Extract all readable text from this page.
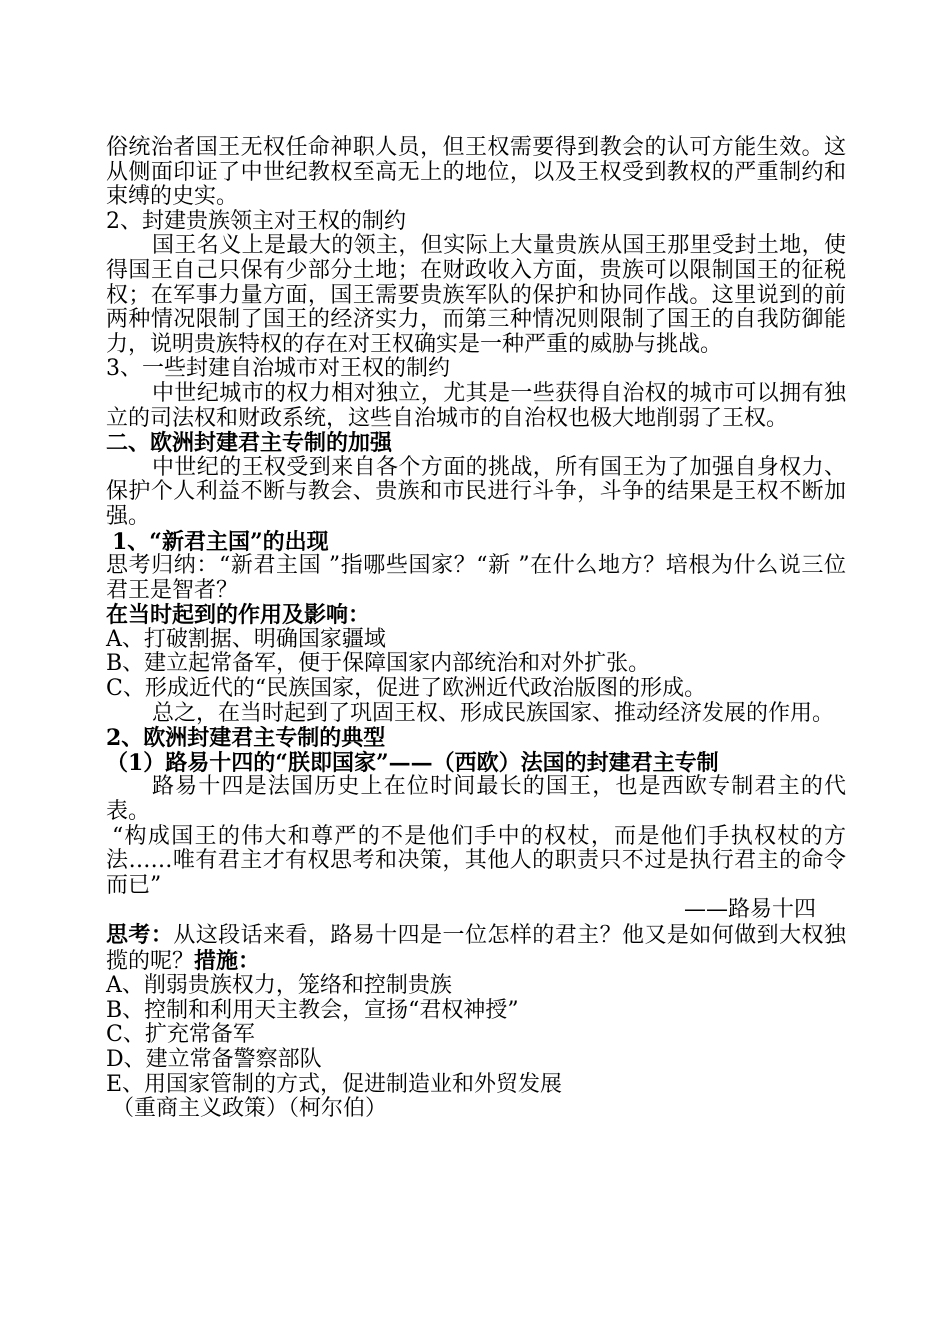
俗统治者国王无权任命神职人员，但王权需要得到教会的认可方能生效。这从侧面印证了中世纪教权至高无上的地位，以及王权受到教权的严重制约和束缚的史实。

2、封建贵族领主对王权的制约

国王名义上是最大的领主，但实际上大量贵族从国王那里受封土地，使得国王自己只保有少部分土地；在财政收入方面，贵族可以限制国王的征税权；在军事力量方面，国王需要贵族军队的保护和协同作战。这里说到的前两种情况限制了国王的经济实力，而第三种情况则限制了国王的自我防御能力，说明贵族特权的存在对王权确实是一种严重的威胁与挑战。

3、一些封建自治城市对王权的制约

中世纪城市的权力相对独立，尤其是一些获得自治权的城市可以拥有独立的司法权和财政系统，这些自治城市的自治权也极大地削弱了王权。

二、欧洲封建君主专制的加强

中世纪的王权受到来自各个方面的挑战，所有国王为了加强自身权力、保护个人利益不断与教会、贵族和市民进行斗争，斗争的结果是王权不断加强。

1、“新君主国”的出现

思考归纳：“新君主国 ”指哪些国家？“新 ”在什么地方？培根为什么说三位君王是智者？

在当时起到的作用及影响：

A、打破割据、明确国家疆域

B、建立起常备军，便于保障国家内部统治和对外扩张。

C、形成近代的“民族国家，促进了欧洲近代政治版图的形成。

总之，在当时起到了巩固王权、形成民族国家、推动经济发展的作用。

2、欧洲封建君主专制的典型

（1）路易十四的“朕即国家”——（西欧）法国的封建君主专制

路易十四是法国历史上在位时间最长的国王，也是西欧专制君主的代表。

“构成国王的伟大和尊严的不是他们手中的权杖，而是他们手执权杖的方法……唯有君主才有权思考和决策，其他人的职责只不过是执行君主的命令而已”

——路易十四

思考：从这段话来看，路易十四是一位怎样的君主？他又是如何做到大权独揽的呢？措施：

A、削弱贵族权力，笼络和控制贵族

B、控制和利用天主教会，宣扬“君权神授”

C、扩充常备军

D、建立常备警察部队

E、用国家管制的方式，促进制造业和外贸发展

（重商主义政策）（柯尔伯）
